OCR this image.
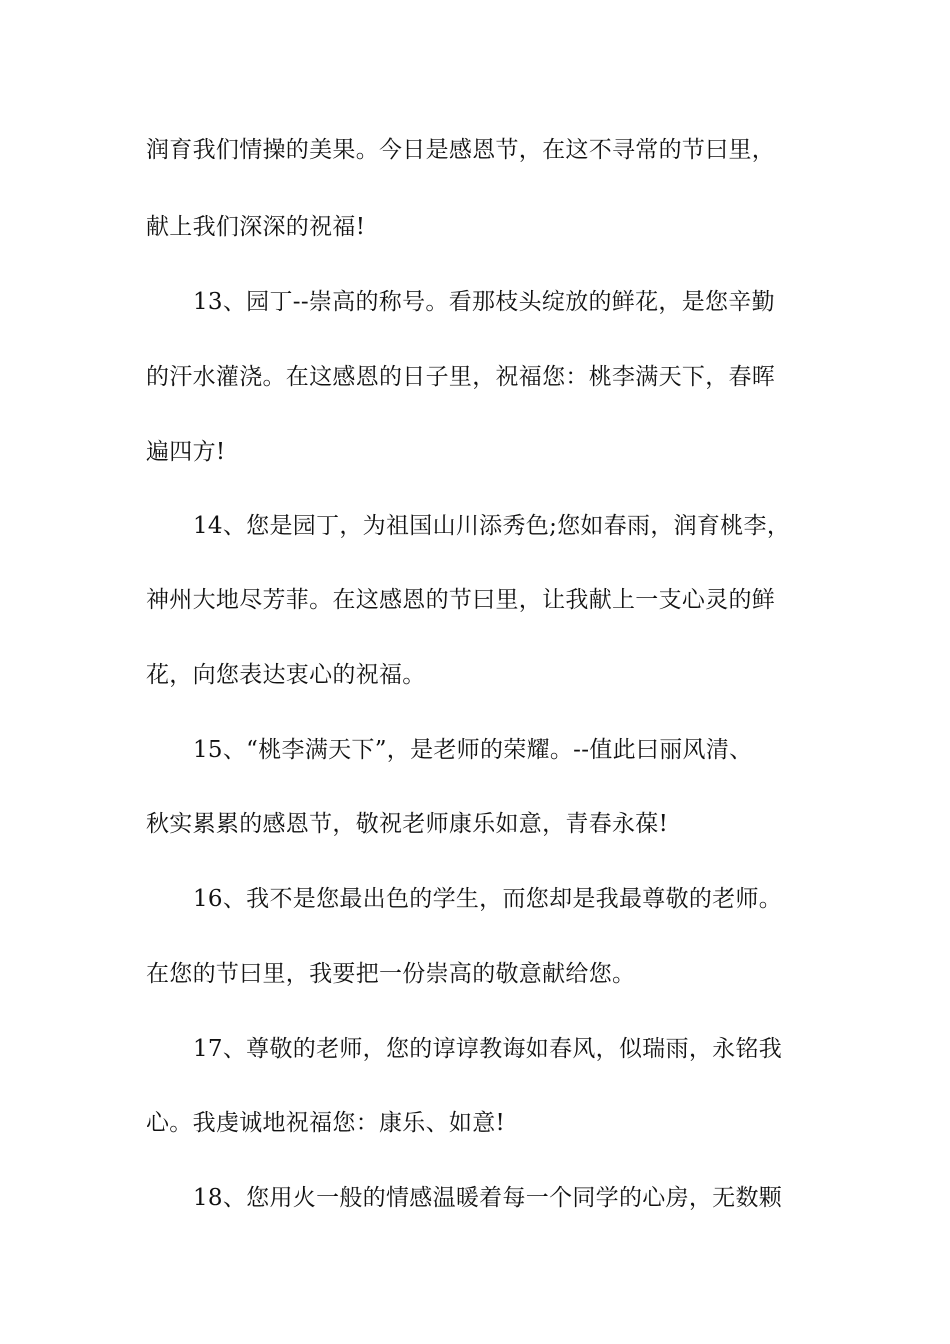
润育我们情操的美果。今日是感恩节，在这不寻常的节曰里，
献上我们深深的祝福!
13、园丁--崇高的称号。看那枝头绽放的鲜花，是您辛勤
的汗水灌浇。在这感恩的日子里，祝福您：桃李满天下，春晖
遍四方!
14、您是园丁，为祖国山川添秀色;您如春雨，润育桃李，
神州大地尽芳菲。在这感恩的节曰里，让我献上一支心灵的鲜
花，向您表达衷心的祝福。
15、“桃李满天下”，是老师的荣耀。--值此曰丽风清、
秋实累累的感恩节，敬祝老师康乐如意，青春永葆!
16、我不是您最出色的学生，而您却是我最尊敬的老师。
在您的节曰里，我要把一份崇高的敬意献给您。
17、尊敬的老师，您的谆谆教诲如春风，似瑞雨，永铭我
心。我虔诚地祝福您：康乐、如意!
18、您用火一般的情感温暖着每一个同学的心房，无数颗
